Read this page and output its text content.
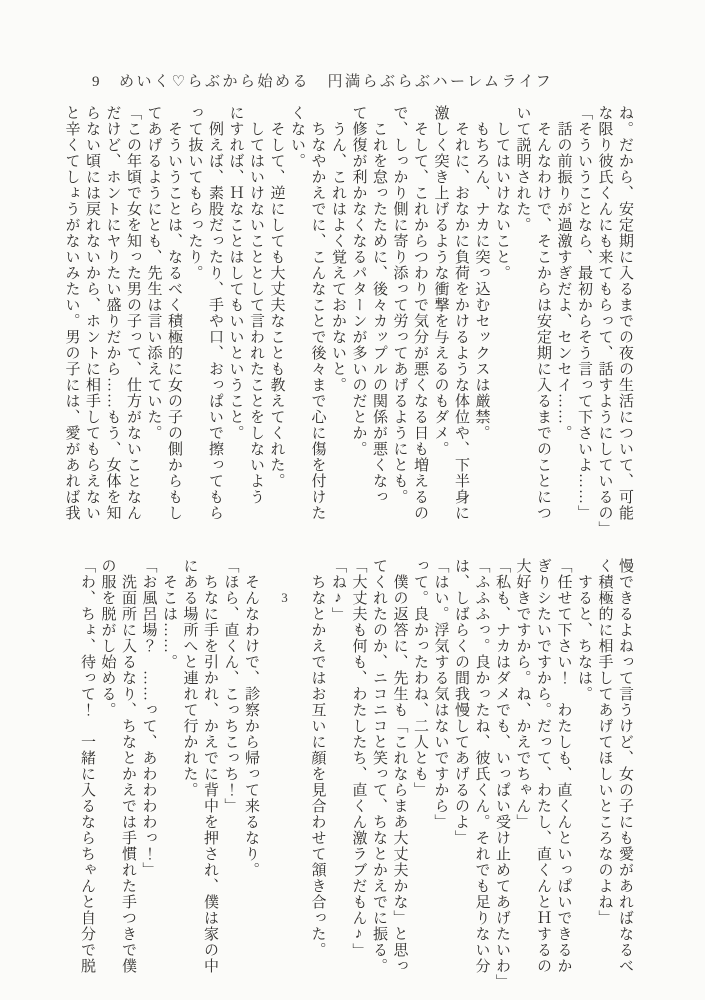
9 めいく♡らぶから始める　円満らぶらぶハーレムライフ

ね。だから、安定期に入るまでの夜の生活について、可能

な限り彼氏くんにも来てもらって、話すようにしているの」

「そういうことなら、最初からそう言って下さいよ……」

　話の前振りが過激すぎだよ、センセイ……。

　そんなわけで、そこからは安定期に入るまでのことにつ

いて説明された。

　してはいけないこと。

　もちろん、ナカに突っ込むセックスは厳禁。

　それに、おなかに負荷をかけるような体位や、下半身に

激しく突き上げるような衝撃を与えるのもダメ。

　そして、これからつわりで気分が悪くなる日も増えるの

で、しっかり側に寄り添って労ってあげるようにとも。

　これを怠ったために、後々カップルの関係が悪くなっ

て修復が利かなくなるパターンが多いのだとか。

　うん、これはよく覚えておかないと。

　ちなやかえでに、こんなことで後々まで心に傷を付けた

くない。

　そして、逆にしても大丈夫なことも教えてくれた。

　してはいけないこととして言われたことをしないよう

にすれば、Ｈなことはしてもいいということ。

　例えば、素股だったり、手や口、おっぱいで擦ってもら

って抜いてもらったり。

　そういうことは、なるべく積極的に女の子の側からもし

てあげるようにとも、先生は言い添えていた。

「この年頃で女を知った男の子って、仕方がないことなん

だけど、ホントにヤりたい盛りだから……もう、女体を知

らない頃には戻れないから、ホントに相手してもらえない

と辛くてしょうがないみたい。男の子には、愛があれば我

慢できるよねって言うけど、女の子にも愛があればなるべ

く積極的に相手してあげてほしいところなのよね」

　すると、ちなは。

「任せて下さい！　わたしも、直くんといっぱいできるか

ぎりシたいですから。だって、わたし、直くんとＨするの

大好きですから。ね、かえでちゃん」

「私も、ナカはダメでも、いっぱい受け止めてあげたいわ」

「ふふふっ。良かったね、彼氏くん。それでも足りない分

は、しばらくの間我慢してあげるのよ」

「はい。浮気する気はないですから」

って。良かったわね、二人とも」

　僕の返答に、先生も「これならまあ大丈夫かな」と思っ

てくれたのか、ニコニコと笑って、ちなとかえでに振る。

「大丈夫も何も、わたしたち、直くん激ラブだもん♪」

「ね♪」

　ちなとかえではお互いに顔を見合わせて頷き合った。

3

　そんなわけで、診察から帰って来るなり。

「ほら、直くん、こっちこっち！」

　ちなに手を引かれ、かえでに背中を押され、僕は家の中

にある場所へと連れて行かれた。

　そこは……。

「お風呂場？　……って、あわわわわっ！」

　洗面所に入るなり、ちなとかえでは手慣れた手つきで僕

の服を脱がし始める。

「わ、ちょ、待って！　一緒に入るならちゃんと自分で脱
